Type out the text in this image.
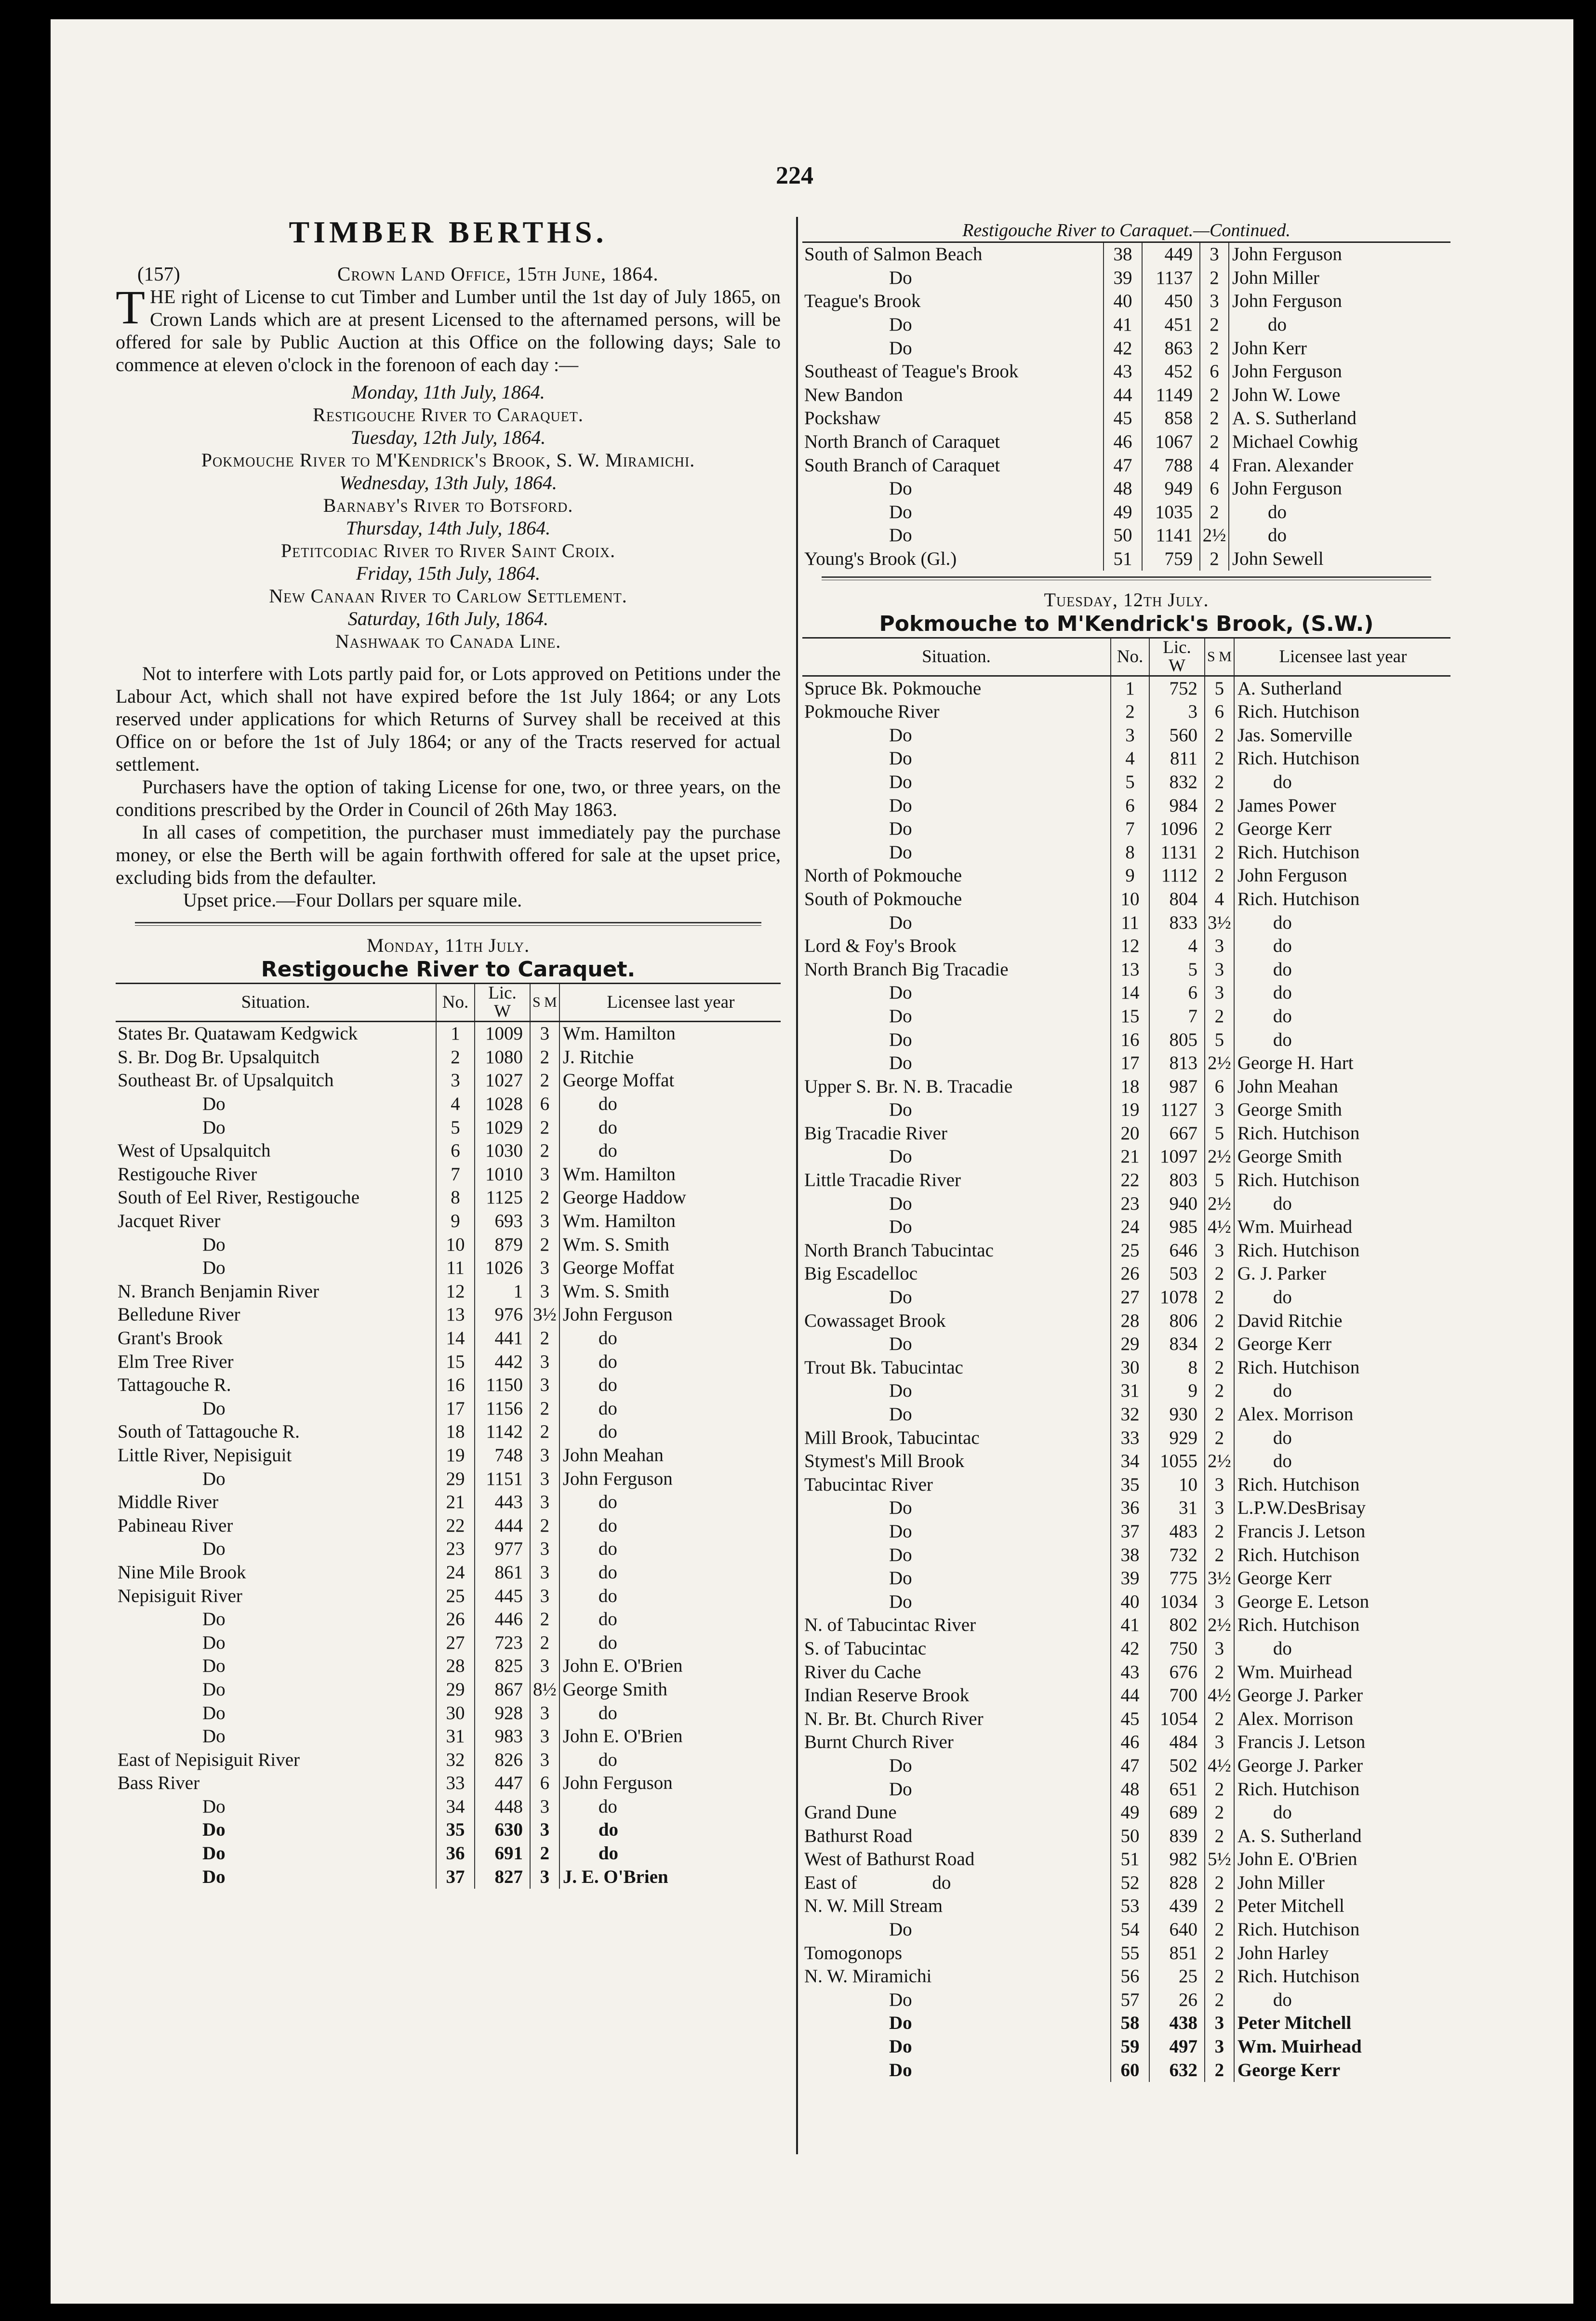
224
TIMBER BERTHS.
(157)	Crown Land Office, 15th June, 1864.
THE right of License to cut Timber and Lumber until the 1st day of July 1865, on Crown Lands which are at present Licensed to the afternamed persons, will be offered for sale by Public Auction at this Office on the following days; Sale to commence at eleven o'clock in the forenoon of each day :—
Monday, 11th July, 1864.
Restigouche River to Caraquet.
Tuesday, 12th July, 1864.
Pokmouche River to M'Kendrick's Brook, S. W. Miramichi.
Wednesday, 13th July, 1864.
Barnaby's River to Botsford.
Thursday, 14th July, 1864.
Petitcodiac River to River Saint Croix.
Friday, 15th July, 1864.
New Canaan River to Carlow Settlement.
Saturday, 16th July, 1864.
Nashwaak to Canada Line.
Not to interfere with Lots partly paid for, or Lots approved on Petitions under the Labour Act, which shall not have expired before the 1st July 1864; or any Lots reserved under applications for which Returns of Survey shall be received at this Office on or before the 1st of July 1864; or any of the Tracts reserved for actual settlement.
Purchasers have the option of taking License for one, two, or three years, on the conditions prescribed by the Order in Council of 26th May 1863.
In all cases of competition, the purchaser must immediately pay the purchase money, or else the Berth will be again forthwith offered for sale at the upset price, excluding bids from the defaulter.
Upset price.—Four Dollars per square mile.
Monday, 11th July.
Restigouche River to Caraquet.
Situation.	No.	Lic.
W	S M	Licensee last year
States Br. Quatawam Kedgwick	1	1009	3	Wm. Hamilton
S. Br. Dog Br. Upsalquitch	2	1080	2	J. Ritchie
Southeast Br. of Upsalquitch	3	1027	2	George Moffat
Do	4	1028	6	do
Do	5	1029	2	do
West of Upsalquitch	6	1030	2	do
Restigouche River	7	1010	3	Wm. Hamilton
South of Eel River, Restigouche	8	1125	2	George Haddow
Jacquet River	9	693	3	Wm. Hamilton
Do	10	879	2	Wm. S. Smith
Do	11	1026	3	George Moffat
N. Branch Benjamin River	12	1	3	Wm. S. Smith
Belledune River	13	976	3½	John Ferguson
Grant's Brook	14	441	2	do
Elm Tree River	15	442	3	do
Tattagouche R.	16	1150	3	do
Do	17	1156	2	do
South of Tattagouche R.	18	1142	2	do
Little River, Nepisiguit	19	748	3	John Meahan
Do	29	1151	3	John Ferguson
Middle River	21	443	3	do
Pabineau River	22	444	2	do
Do	23	977	3	do
Nine Mile Brook	24	861	3	do
Nepisiguit River	25	445	3	do
Do	26	446	2	do
Do	27	723	2	do
Do	28	825	3	John E. O'Brien
Do	29	867	8½	George Smith
Do	30	928	3	do
Do	31	983	3	John E. O'Brien
East of Nepisiguit River	32	826	3	do
Bass River	33	447	6	John Ferguson
Do	34	448	3	do
Do	35	630	3	do
Do	36	691	2	do
Do	37	827	3	J. E. O'Brien
Restigouche River to Caraquet.—Continued.
South of Salmon Beach	38	449	3	John Ferguson
Do	39	1137	2	John Miller
Teague's Brook	40	450	3	John Ferguson
Do	41	451	2	do
Do	42	863	2	John Kerr
Southeast of Teague's Brook	43	452	6	John Ferguson
New Bandon	44	1149	2	John W. Lowe
Pockshaw	45	858	2	A. S. Sutherland
North Branch of Caraquet	46	1067	2	Michael Cowhig
South Branch of Caraquet	47	788	4	Fran. Alexander
Do	48	949	6	John Ferguson
Do	49	1035	2	do
Do	50	1141	2½	do
Young's Brook (Gl.)	51	759	2	John Sewell
Tuesday, 12th July.
Pokmouche to M'Kendrick's Brook, (S.W.)
Situation.	No.	Lic.
W	S M	Licensee last year
Spruce Bk. Pokmouche	1	752	5	A. Sutherland
Pokmouche River	2	3	6	Rich. Hutchison
Do	3	560	2	Jas. Somerville
Do	4	811	2	Rich. Hutchison
Do	5	832	2	do
Do	6	984	2	James Power
Do	7	1096	2	George Kerr
Do	8	1131	2	Rich. Hutchison
North of Pokmouche	9	1112	2	John Ferguson
South of Pokmouche	10	804	4	Rich. Hutchison
Do	11	833	3½	do
Lord & Foy's Brook	12	4	3	do
North Branch Big Tracadie	13	5	3	do
Do	14	6	3	do
Do	15	7	2	do
Do	16	805	5	do
Do	17	813	2½	George H. Hart
Upper S. Br. N. B. Tracadie	18	987	6	John Meahan
Do	19	1127	3	George Smith
Big Tracadie River	20	667	5	Rich. Hutchison
Do	21	1097	2½	George Smith
Little Tracadie River	22	803	5	Rich. Hutchison
Do	23	940	2½	do
Do	24	985	4½	Wm. Muirhead
North Branch Tabucintac	25	646	3	Rich. Hutchison
Big Escadelloc	26	503	2	G. J. Parker
Do	27	1078	2	do
Cowassaget Brook	28	806	2	David Ritchie
Do	29	834	2	George Kerr
Trout Bk. Tabucintac	30	8	2	Rich. Hutchison
Do	31	9	2	do
Do	32	930	2	Alex. Morrison
Mill Brook, Tabucintac	33	929	2	do
Stymest's Mill Brook	34	1055	2½	do
Tabucintac River	35	10	3	Rich. Hutchison
Do	36	31	3	L.P.W.DesBrisay
Do	37	483	2	Francis J. Letson
Do	38	732	2	Rich. Hutchison
Do	39	775	3½	George Kerr
Do	40	1034	3	George E. Letson
N. of Tabucintac River	41	802	2½	Rich. Hutchison
S. of Tabucintac	42	750	3	do
River du Cache	43	676	2	Wm. Muirhead
Indian Reserve Brook	44	700	4½	George J. Parker
N. Br. Bt. Church River	45	1054	2	Alex. Morrison
Burnt Church River	46	484	3	Francis J. Letson
Do	47	502	4½	George J. Parker
Do	48	651	2	Rich. Hutchison
Grand Dune	49	689	2	do
Bathurst Road	50	839	2	A. S. Sutherland
West of Bathurst Road	51	982	5½	John E. O'Brien
East of                do	52	828	2	John Miller
N. W. Mill Stream	53	439	2	Peter Mitchell
Do	54	640	2	Rich. Hutchison
Tomogonops	55	851	2	John Harley
N. W. Miramichi	56	25	2	Rich. Hutchison
Do	57	26	2	do
Do	58	438	3	Peter Mitchell
Do	59	497	3	Wm. Muirhead
Do	60	632	2	George Kerr
